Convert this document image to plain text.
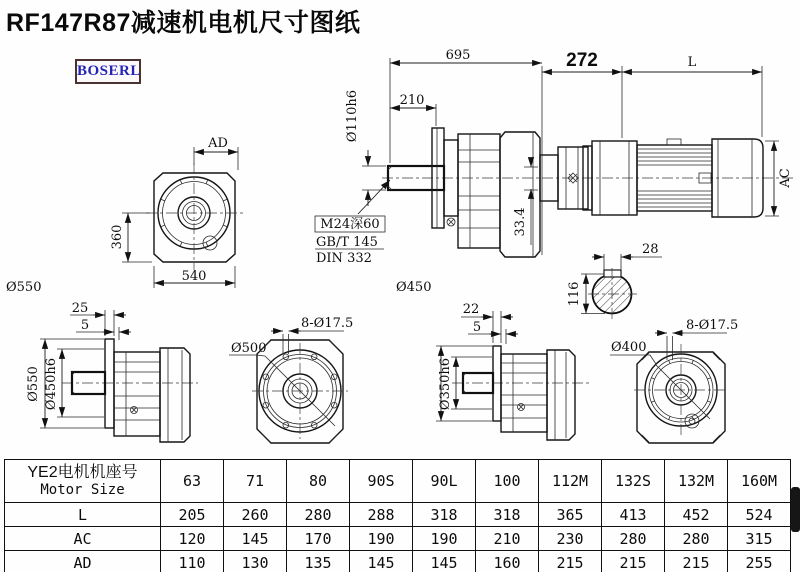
RF147R87减速机电机尺寸图纸
BOSERL
AD
360
540
Ø550
695
210
Ø110h6
M24深60
GB/T 145
DIN 332
33.4
272	L
AC
28
116
25
5
Ø550 Ø450h6
Ø500
8-Ø17.5
22
5
Ø450
Ø350h6
Ø400
8-Ø17.5
YE2电机机座号
Motor Size	63	71	80	90S	90L	100	112M	132S	132M	160M
L	205	260	280	288	318	318	365	413	452	524
AC	120	145	170	190	190	210	230	280	280	315
AD	110	130	135	145	145	160	215	215	215	255
